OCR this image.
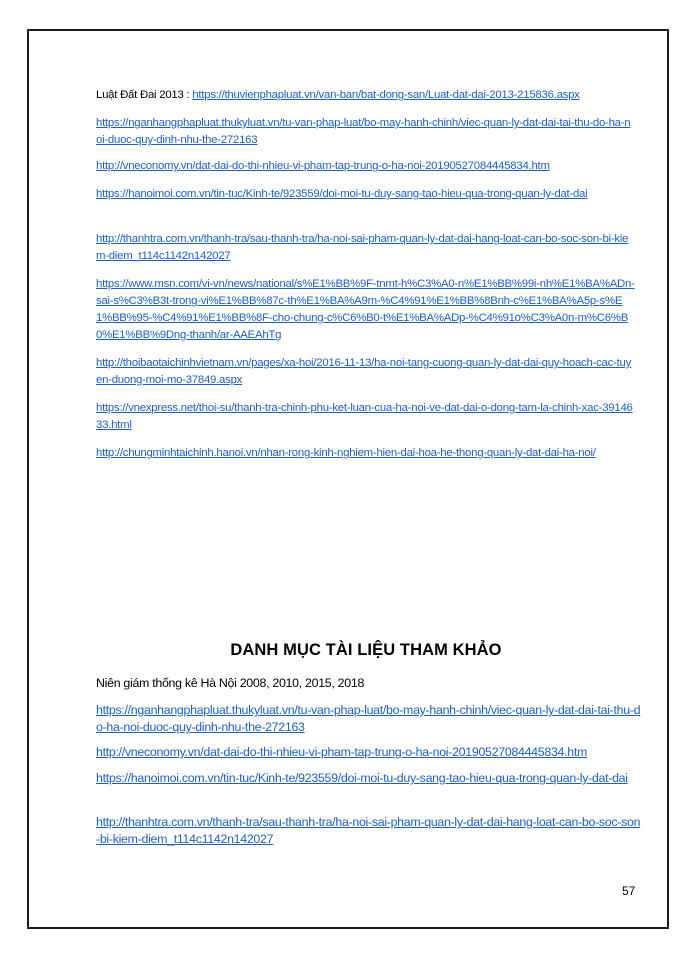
Luật Đất Đai 2013 : https://thuvienphapluat.vn/van-ban/bat-dong-san/Luat-dat-dai-2013-215836.aspx
https://nganhangphapluat.thukyluat.vn/tu-van-phap-luat/bo-may-hanh-chinh/viec-quan-ly-dat-dai-tai-thu-do-ha-noi-duoc-quy-dinh-nhu-the-272163
http://vneconomy.vn/dat-dai-do-thi-nhieu-vi-pham-tap-trung-o-ha-noi-20190527084445834.htm
https://hanoimoi.com.vn/tin-tuc/Kinh-te/923559/doi-moi-tu-duy-sang-tao-hieu-qua-trong-quan-ly-dat-dai
http://thanhtra.com.vn/thanh-tra/sau-thanh-tra/ha-noi-sai-pham-quan-ly-dat-dai-hang-loat-can-bo-soc-son-bi-kiem-diem_t114c1142n142027
https://www.msn.com/vi-vn/news/national/s%E1%BB%9F-tnmt-h%C3%A0-n%E1%BB%99i-nh%E1%BA%ADn-sai-s%C3%B3t-trong-vi%E1%BB%87c-th%E1%BA%A9m-%C4%91%E1%BB%8Bnh-c%E1%BA%A5p-s%E1%BB%95-%C4%91%E1%BB%8F-cho-chung-c%C6%B0-t%E1%BA%ADp-%C4%91o%C3%A0n-m%C6%B0%E1%BB%9Dng-thanh/ar-AAEAhTg
http://thoibaotaichinhvietnam.vn/pages/xa-hoi/2016-11-13/ha-noi-tang-cuong-quan-ly-dat-dai-quy-hoach-cac-tuyen-duong-moi-mo-37849.aspx
https://vnexpress.net/thoi-su/thanh-tra-chinh-phu-ket-luan-cua-ha-noi-ve-dat-dai-o-dong-tam-la-chinh-xac-3914633.html
http://chungminhtaichinh.hanoi.vn/nhan-rong-kinh-nghiem-hien-dai-hoa-he-thong-quan-ly-dat-dai-ha-noi/
DANH MỤC TÀI LIỆU THAM KHẢO
Niên giám thống kê Hà Nội 2008, 2010, 2015, 2018
https://nganhangphapluat.thukyluat.vn/tu-van-phap-luat/bo-may-hanh-chinh/viec-quan-ly-dat-dai-tai-thu-do-ha-noi-duoc-quy-dinh-nhu-the-272163
http://vneconomy.vn/dat-dai-do-thi-nhieu-vi-pham-tap-trung-o-ha-noi-20190527084445834.htm
https://hanoimoi.com.vn/tin-tuc/Kinh-te/923559/doi-moi-tu-duy-sang-tao-hieu-qua-trong-quan-ly-dat-dai
http://thanhtra.com.vn/thanh-tra/sau-thanh-tra/ha-noi-sai-pham-quan-ly-dat-dai-hang-loat-can-bo-soc-son-bi-kiem-diem_t114c1142n142027
57
